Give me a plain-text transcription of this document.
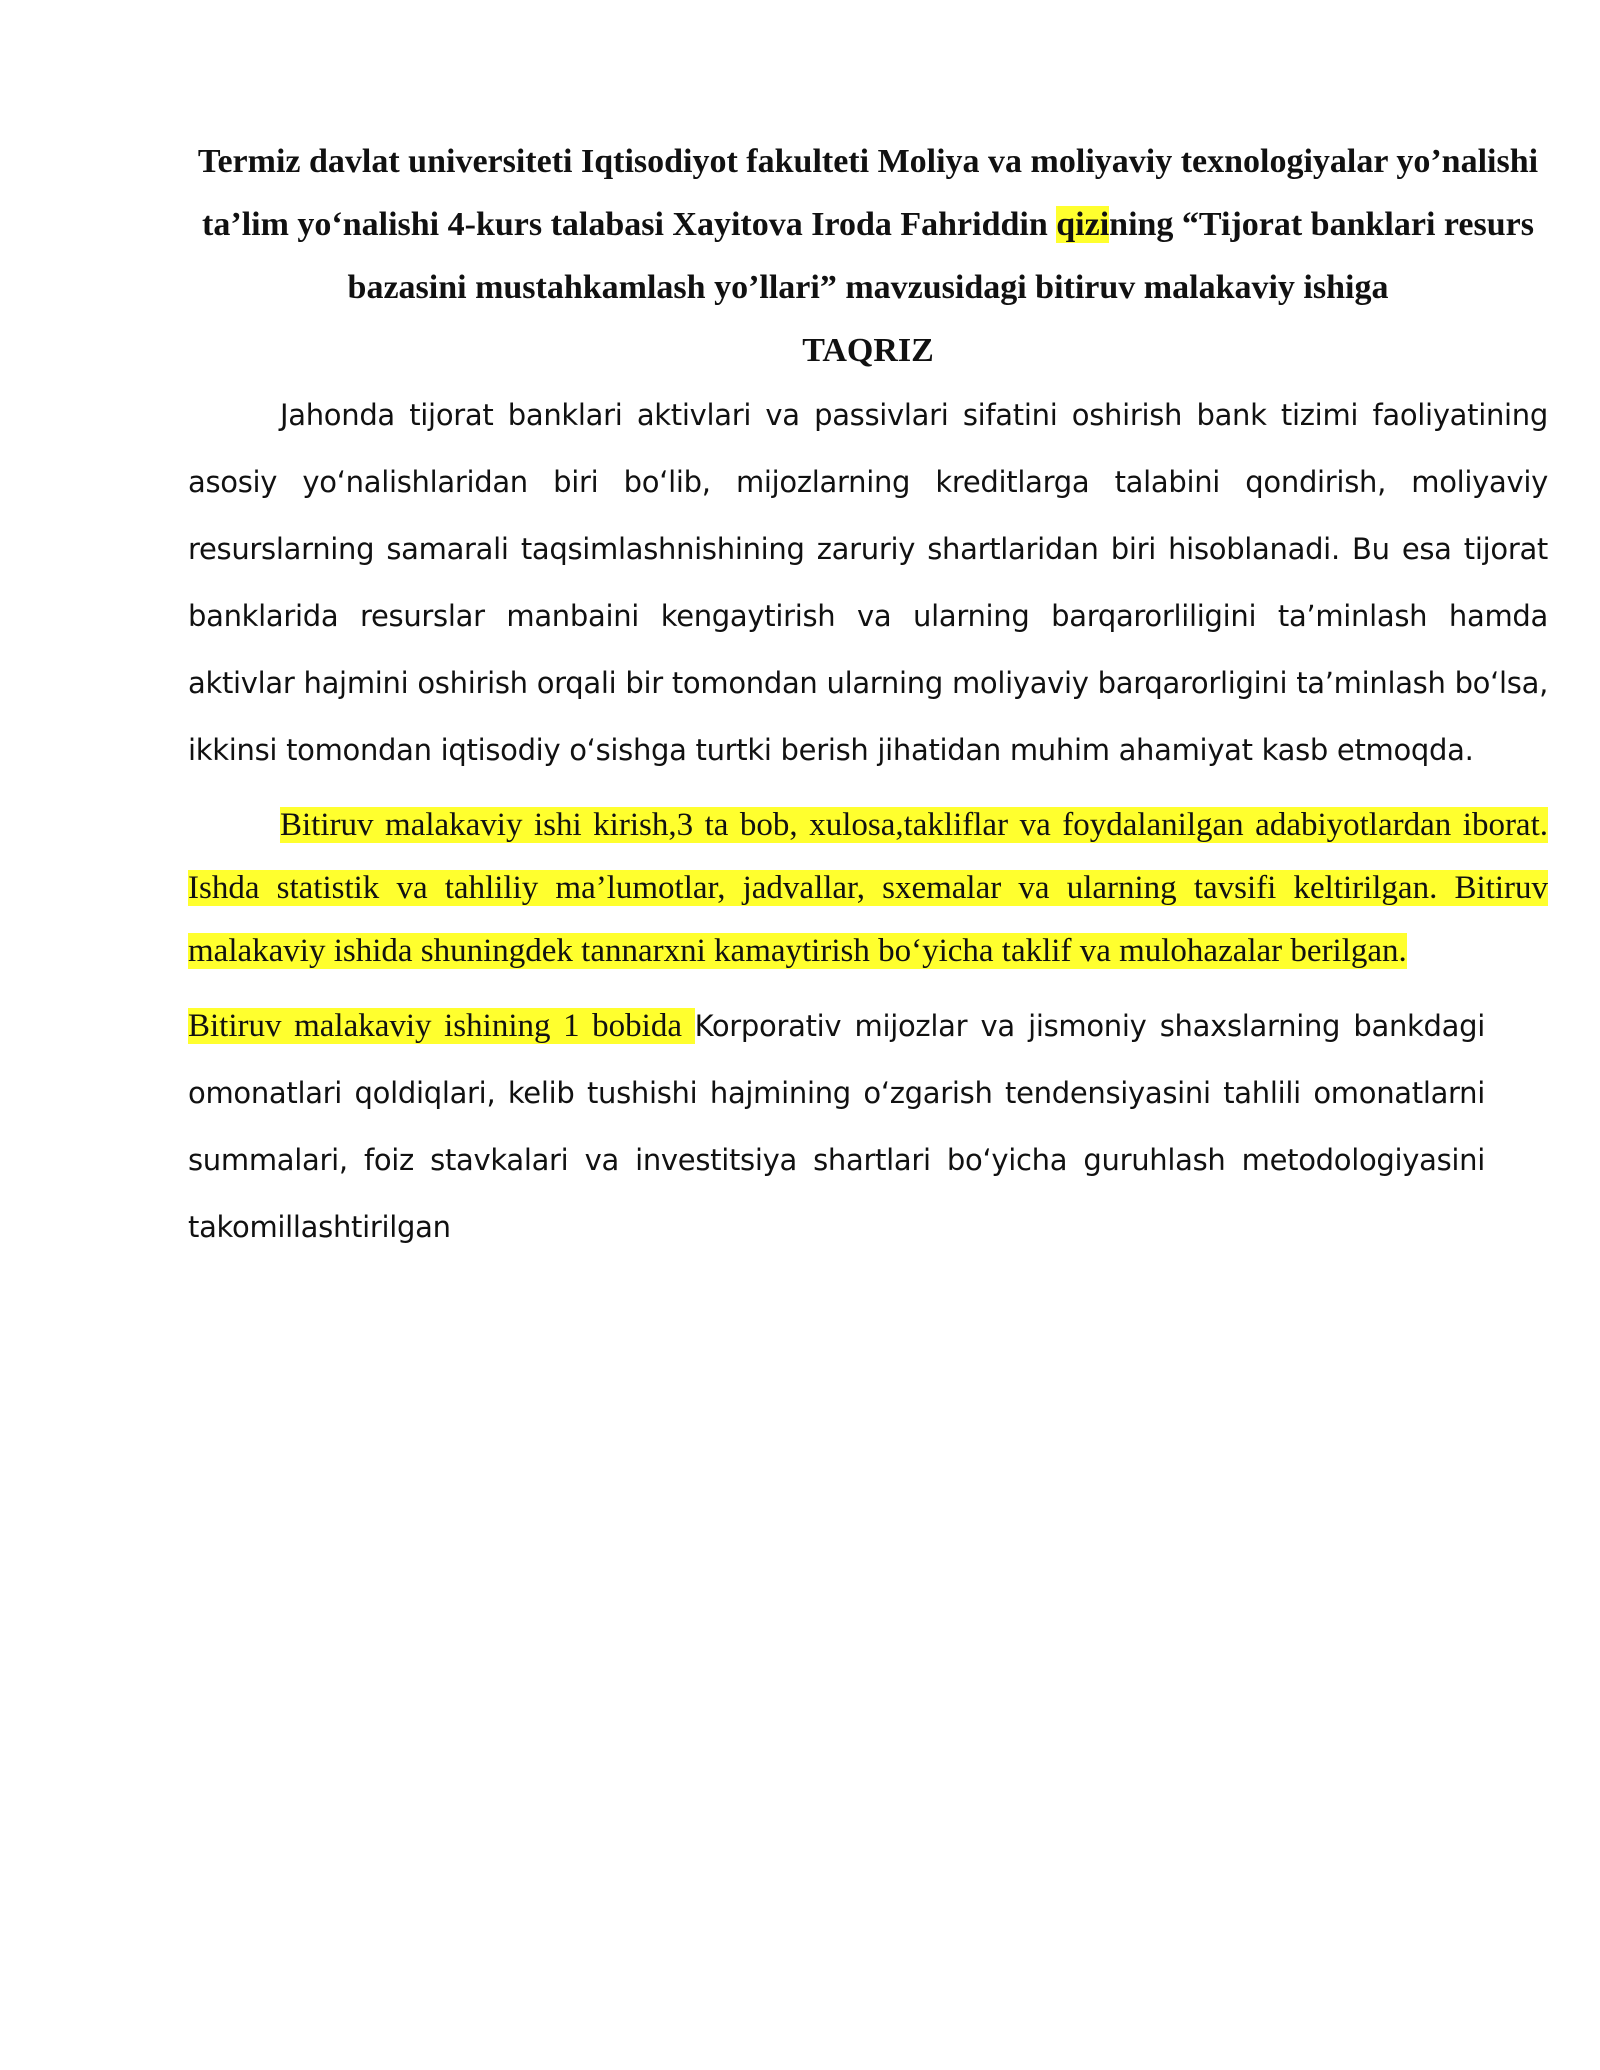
Termiz davlat universiteti Iqtisodiyot fakulteti Moliya va moliyaviy texnologiyalar yo’nalishi ta’lim yo‘nalishi 4-kurs talabasi Xayitova Iroda Fahriddin qizining “Tijorat banklari resurs bazasini mustahkamlash yo’llari” mavzusidagi bitiruv malakaviy ishiga

TAQRIZ

Jahonda tijorat banklari aktivlari va passivlari sifatini oshirish bank tizimi faoliyatining asosiy yo‘nalishlaridan biri bo‘lib, mijozlarning kreditlarga talabini qondirish, moliyaviy resurslarning samarali taqsimlashnishining zaruriy shartlaridan biri hisoblanadi. Bu esa tijorat banklarida resurslar manbaini kengaytirish va ularning barqarorliligini ta’minlash hamda aktivlar hajmini oshirish orqali bir tomondan ularning moliyaviy barqarorligini ta’minlash bo‘lsa, ikkinsi tomondan iqtisodiy o‘sishga turtki berish jihatidan muhim ahamiyat kasb etmoqda.

Bitiruv malakaviy ishi kirish,3 ta bob, xulosa,takliflar va foydalanilgan adabiyotlardan iborat. Ishda statistik va tahliliy ma’lumotlar, jadvallar, sxemalar va ularning tavsifi keltirilgan. Bitiruv malakaviy ishida shuningdek tannarxni kamaytirish bo‘yicha taklif va mulohazalar berilgan.

Bitiruv malakaviy ishining 1 bobida Korporativ mijozlar va jismoniy shaxslarning bankdagi omonatlari qoldiqlari, kelib tushishi hajmining o‘zgarish tendensiyasini tahlili omonatlarni summalari, foiz stavkalari va investitsiya shartlari bo‘yicha guruhlash metodologiyasini takomillashtirilgan
